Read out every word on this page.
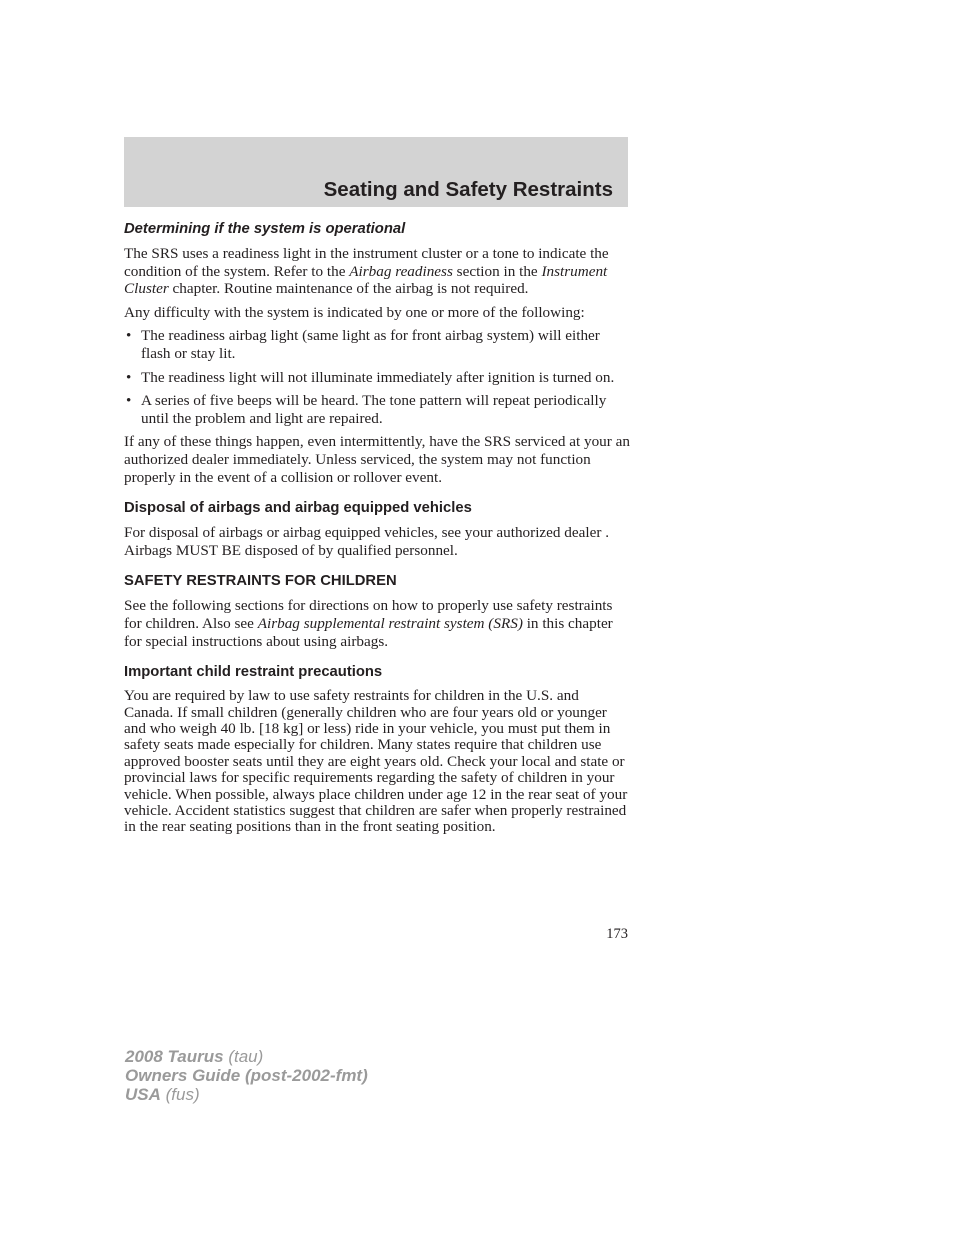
Seating and Safety Restraints
Determining if the system is operational

The SRS uses a readiness light in the instrument cluster or a tone to indicate the condition of the system. Refer to the Airbag readiness section in the Instrument Cluster chapter. Routine maintenance of the airbag is not required.

Any difficulty with the system is indicated by one or more of the following:

• The readiness airbag light (same light as for front airbag system) will either flash or stay lit.
• The readiness light will not illuminate immediately after ignition is turned on.
• A series of five beeps will be heard. The tone pattern will repeat periodically until the problem and light are repaired.

If any of these things happen, even intermittently, have the SRS serviced at your an authorized dealer immediately. Unless serviced, the system may not function properly in the event of a collision or rollover event.

Disposal of airbags and airbag equipped vehicles

For disposal of airbags or airbag equipped vehicles, see your authorized dealer . Airbags MUST BE disposed of by qualified personnel.

SAFETY RESTRAINTS FOR CHILDREN

See the following sections for directions on how to properly use safety restraints for children. Also see Airbag supplemental restraint system (SRS) in this chapter for special instructions about using airbags.

Important child restraint precautions

You are required by law to use safety restraints for children in the U.S. and Canada. If small children (generally children who are four years old or younger and who weigh 40 lb. [18 kg] or less) ride in your vehicle, you must put them in safety seats made especially for children. Many states require that children use approved booster seats until they are eight years old. Check your local and state or provincial laws for specific requirements regarding the safety of children in your vehicle. When possible, always place children under age 12 in the rear seat of your vehicle. Accident statistics suggest that children are safer when properly restrained in the rear seating positions than in the front seating position.

173
2008 Taurus (tau)
Owners Guide (post-2002-fmt)
USA (fus)
